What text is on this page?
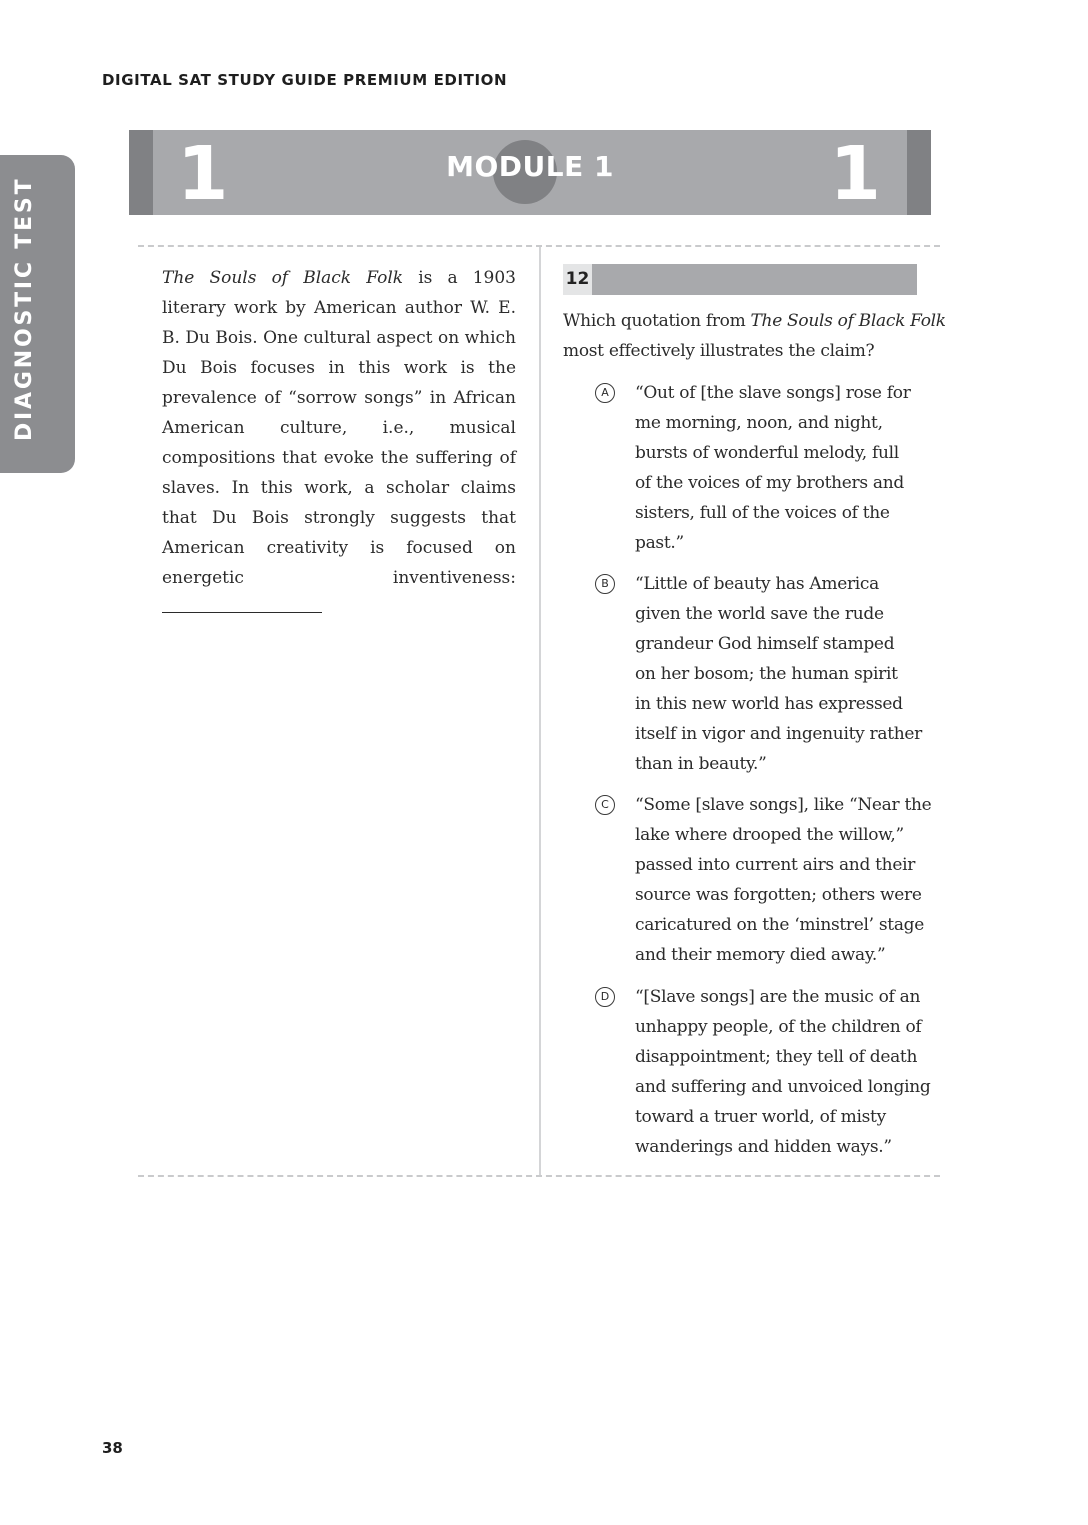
DIGITAL SAT STUDY GUIDE PREMIUM EDITION
DIAGNOSTIC TEST
1	MODULE 1	1
The Souls of Black Folk is a 1903 literary work by American author W. E. B. Du Bois. One cultural aspect on which Du Bois focuses in this work is the prevalence of “sorrow songs” in African American culture, i.e., musical compositions that evoke the suffering of slaves. In this work, a scholar claims that Du Bois strongly suggests that American creativity is focused on energetic inventiveness:
12
Which quotation from The Souls of Black Folk
most effectively illustrates the claim?
A	“Out of [the slave songs] rose for
me morning, noon, and night,
bursts of wonderful melody, full
of the voices of my brothers and
sisters, full of the voices of the
past.”
B	“Little of beauty has America
given the world save the rude
grandeur God himself stamped
on her bosom; the human spirit
in this new world has expressed
itself in vigor and ingenuity rather
than in beauty.”
C	“Some [slave songs], like “Near the
lake where drooped the willow,”
passed into current airs and their
source was forgotten; others were
caricatured on the ‘minstrel’ stage
and their memory died away.”
D	“[Slave songs] are the music of an
unhappy people, of the children of
disappointment; they tell of death
and suffering and unvoiced longing
toward a truer world, of misty
wanderings and hidden ways.”
38
